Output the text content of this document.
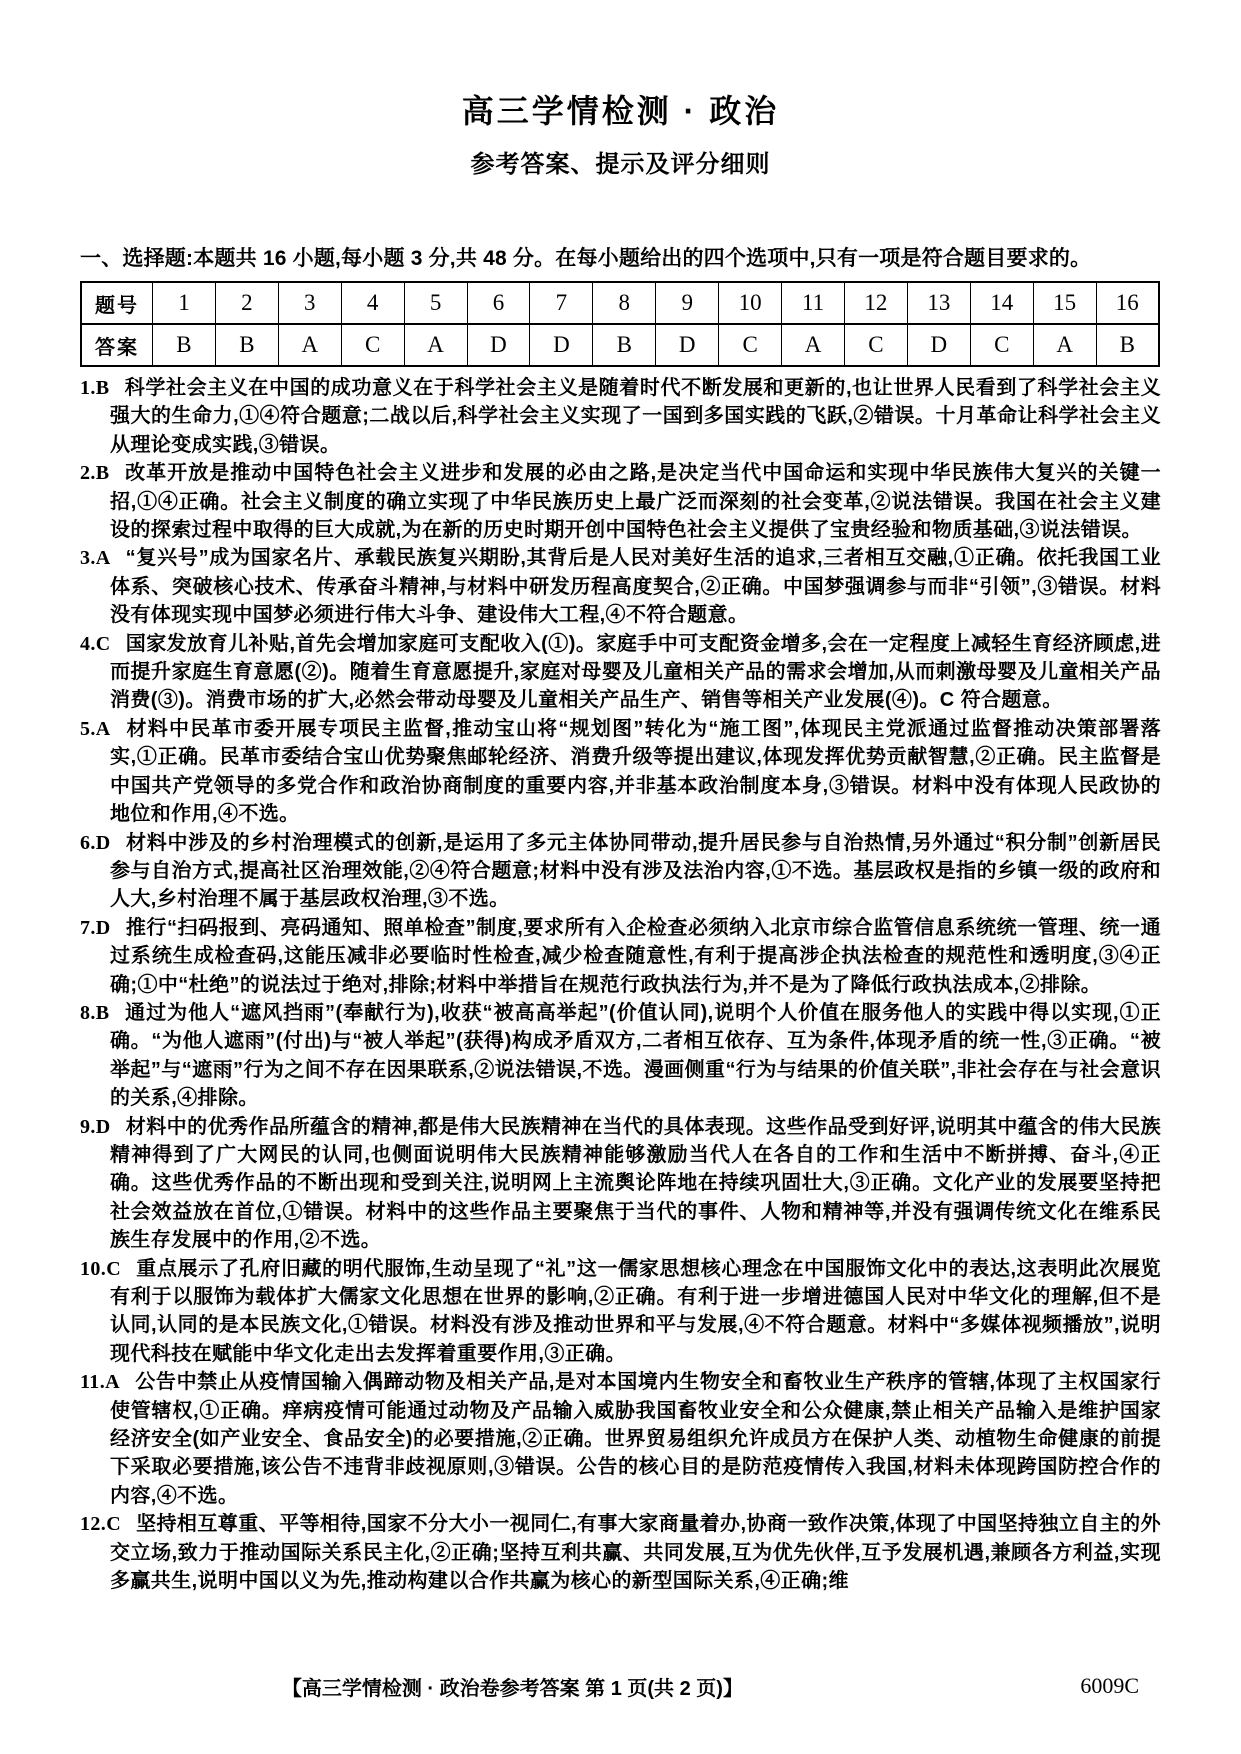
高三学情检测 · 政治
参考答案、提示及评分细则

一、选择题:本题共 16 小题,每小题 3 分,共 48 分。在每小题给出的四个选项中,只有一项是符合题目要求的。

题号	1	2	3	4	5	6	7	8	9	10	11	12	13	14	15	16
答案	B	B	A	C	A	D	D	B	D	C	A	C	D	C	A	B
1.B 科学社会主义在中国的成功意义在于科学社会主义是随着时代不断发展和更新的,也让世界人民看到了科学社会主义强大的生命力,①④符合题意;二战以后,科学社会主义实现了一国到多国实践的飞跃,②错误。十月革命让科学社会主义从理论变成实践,③错误。
2.B 改革开放是推动中国特色社会主义进步和发展的必由之路,是决定当代中国命运和实现中华民族伟大复兴的关键一招,①④正确。社会主义制度的确立实现了中华民族历史上最广泛而深刻的社会变革,②说法错误。我国在社会主义建设的探索过程中取得的巨大成就,为在新的历史时期开创中国特色社会主义提供了宝贵经验和物质基础,③说法错误。
3.A “复兴号”成为国家名片、承载民族复兴期盼,其背后是人民对美好生活的追求,三者相互交融,①正确。依托我国工业体系、突破核心技术、传承奋斗精神,与材料中研发历程高度契合,②正确。中国梦强调参与而非“引领”,③错误。材料没有体现实现中国梦必须进行伟大斗争、建设伟大工程,④不符合题意。
4.C 国家发放育儿补贴,首先会增加家庭可支配收入(①)。家庭手中可支配资金增多,会在一定程度上减轻生育经济顾虑,进而提升家庭生育意愿(②)。随着生育意愿提升,家庭对母婴及儿童相关产品的需求会增加,从而刺激母婴及儿童相关产品消费(③)。消费市场的扩大,必然会带动母婴及儿童相关产品生产、销售等相关产业发展(④)。C 符合题意。
5.A 材料中民革市委开展专项民主监督,推动宝山将“规划图”转化为“施工图”,体现民主党派通过监督推动决策部署落实,①正确。民革市委结合宝山优势聚焦邮轮经济、消费升级等提出建议,体现发挥优势贡献智慧,②正确。民主监督是中国共产党领导的多党合作和政治协商制度的重要内容,并非基本政治制度本身,③错误。材料中没有体现人民政协的地位和作用,④不选。
6.D 材料中涉及的乡村治理模式的创新,是运用了多元主体协同带动,提升居民参与自治热情,另外通过“积分制”创新居民参与自治方式,提高社区治理效能,②④符合题意;材料中没有涉及法治内容,①不选。基层政权是指的乡镇一级的政府和人大,乡村治理不属于基层政权治理,③不选。
7.D 推行“扫码报到、亮码通知、照单检查”制度,要求所有入企检查必须纳入北京市综合监管信息系统统一管理、统一通过系统生成检查码,这能压减非必要临时性检查,减少检查随意性,有利于提高涉企执法检查的规范性和透明度,③④正确;①中“杜绝”的说法过于绝对,排除;材料中举措旨在规范行政执法行为,并不是为了降低行政执法成本,②排除。
8.B 通过为他人“遮风挡雨”(奉献行为),收获“被高高举起”(价值认同),说明个人价值在服务他人的实践中得以实现,①正确。“为他人遮雨”(付出)与“被人举起”(获得)构成矛盾双方,二者相互依存、互为条件,体现矛盾的统一性,③正确。“被举起”与“遮雨”行为之间不存在因果联系,②说法错误,不选。漫画侧重“行为与结果的价值关联”,非社会存在与社会意识的关系,④排除。
9.D 材料中的优秀作品所蕴含的精神,都是伟大民族精神在当代的具体表现。这些作品受到好评,说明其中蕴含的伟大民族精神得到了广大网民的认同,也侧面说明伟大民族精神能够激励当代人在各自的工作和生活中不断拼搏、奋斗,④正确。这些优秀作品的不断出现和受到关注,说明网上主流舆论阵地在持续巩固壮大,③正确。文化产业的发展要坚持把社会效益放在首位,①错误。材料中的这些作品主要聚焦于当代的事件、人物和精神等,并没有强调传统文化在维系民族生存发展中的作用,②不选。
10.C 重点展示了孔府旧藏的明代服饰,生动呈现了“礼”这一儒家思想核心理念在中国服饰文化中的表达,这表明此次展览有利于以服饰为载体扩大儒家文化思想在世界的影响,②正确。有利于进一步增进德国人民对中华文化的理解,但不是认同,认同的是本民族文化,①错误。材料没有涉及推动世界和平与发展,④不符合题意。材料中“多媒体视频播放”,说明现代科技在赋能中华文化走出去发挥着重要作用,③正确。
11.A 公告中禁止从疫情国输入偶蹄动物及相关产品,是对本国境内生物安全和畜牧业生产秩序的管辖,体现了主权国家行使管辖权,①正确。痒病疫情可能通过动物及产品输入威胁我国畜牧业安全和公众健康,禁止相关产品输入是维护国家经济安全(如产业安全、食品安全)的必要措施,②正确。世界贸易组织允许成员方在保护人类、动植物生命健康的前提下采取必要措施,该公告不违背非歧视原则,③错误。公告的核心目的是防范疫情传入我国,材料未体现跨国防控合作的内容,④不选。
12.C 坚持相互尊重、平等相待,国家不分大小一视同仁,有事大家商量着办,协商一致作决策,体现了中国坚持独立自主的外交立场,致力于推动国际关系民主化,②正确;坚持互利共赢、共同发展,互为优先伙伴,互予发展机遇,兼顾各方利益,实现多赢共生,说明中国以义为先,推动构建以合作共赢为核心的新型国际关系,④正确;维
【高三学情检测 · 政治卷参考答案 第 1 页(共 2 页)】	6009C
